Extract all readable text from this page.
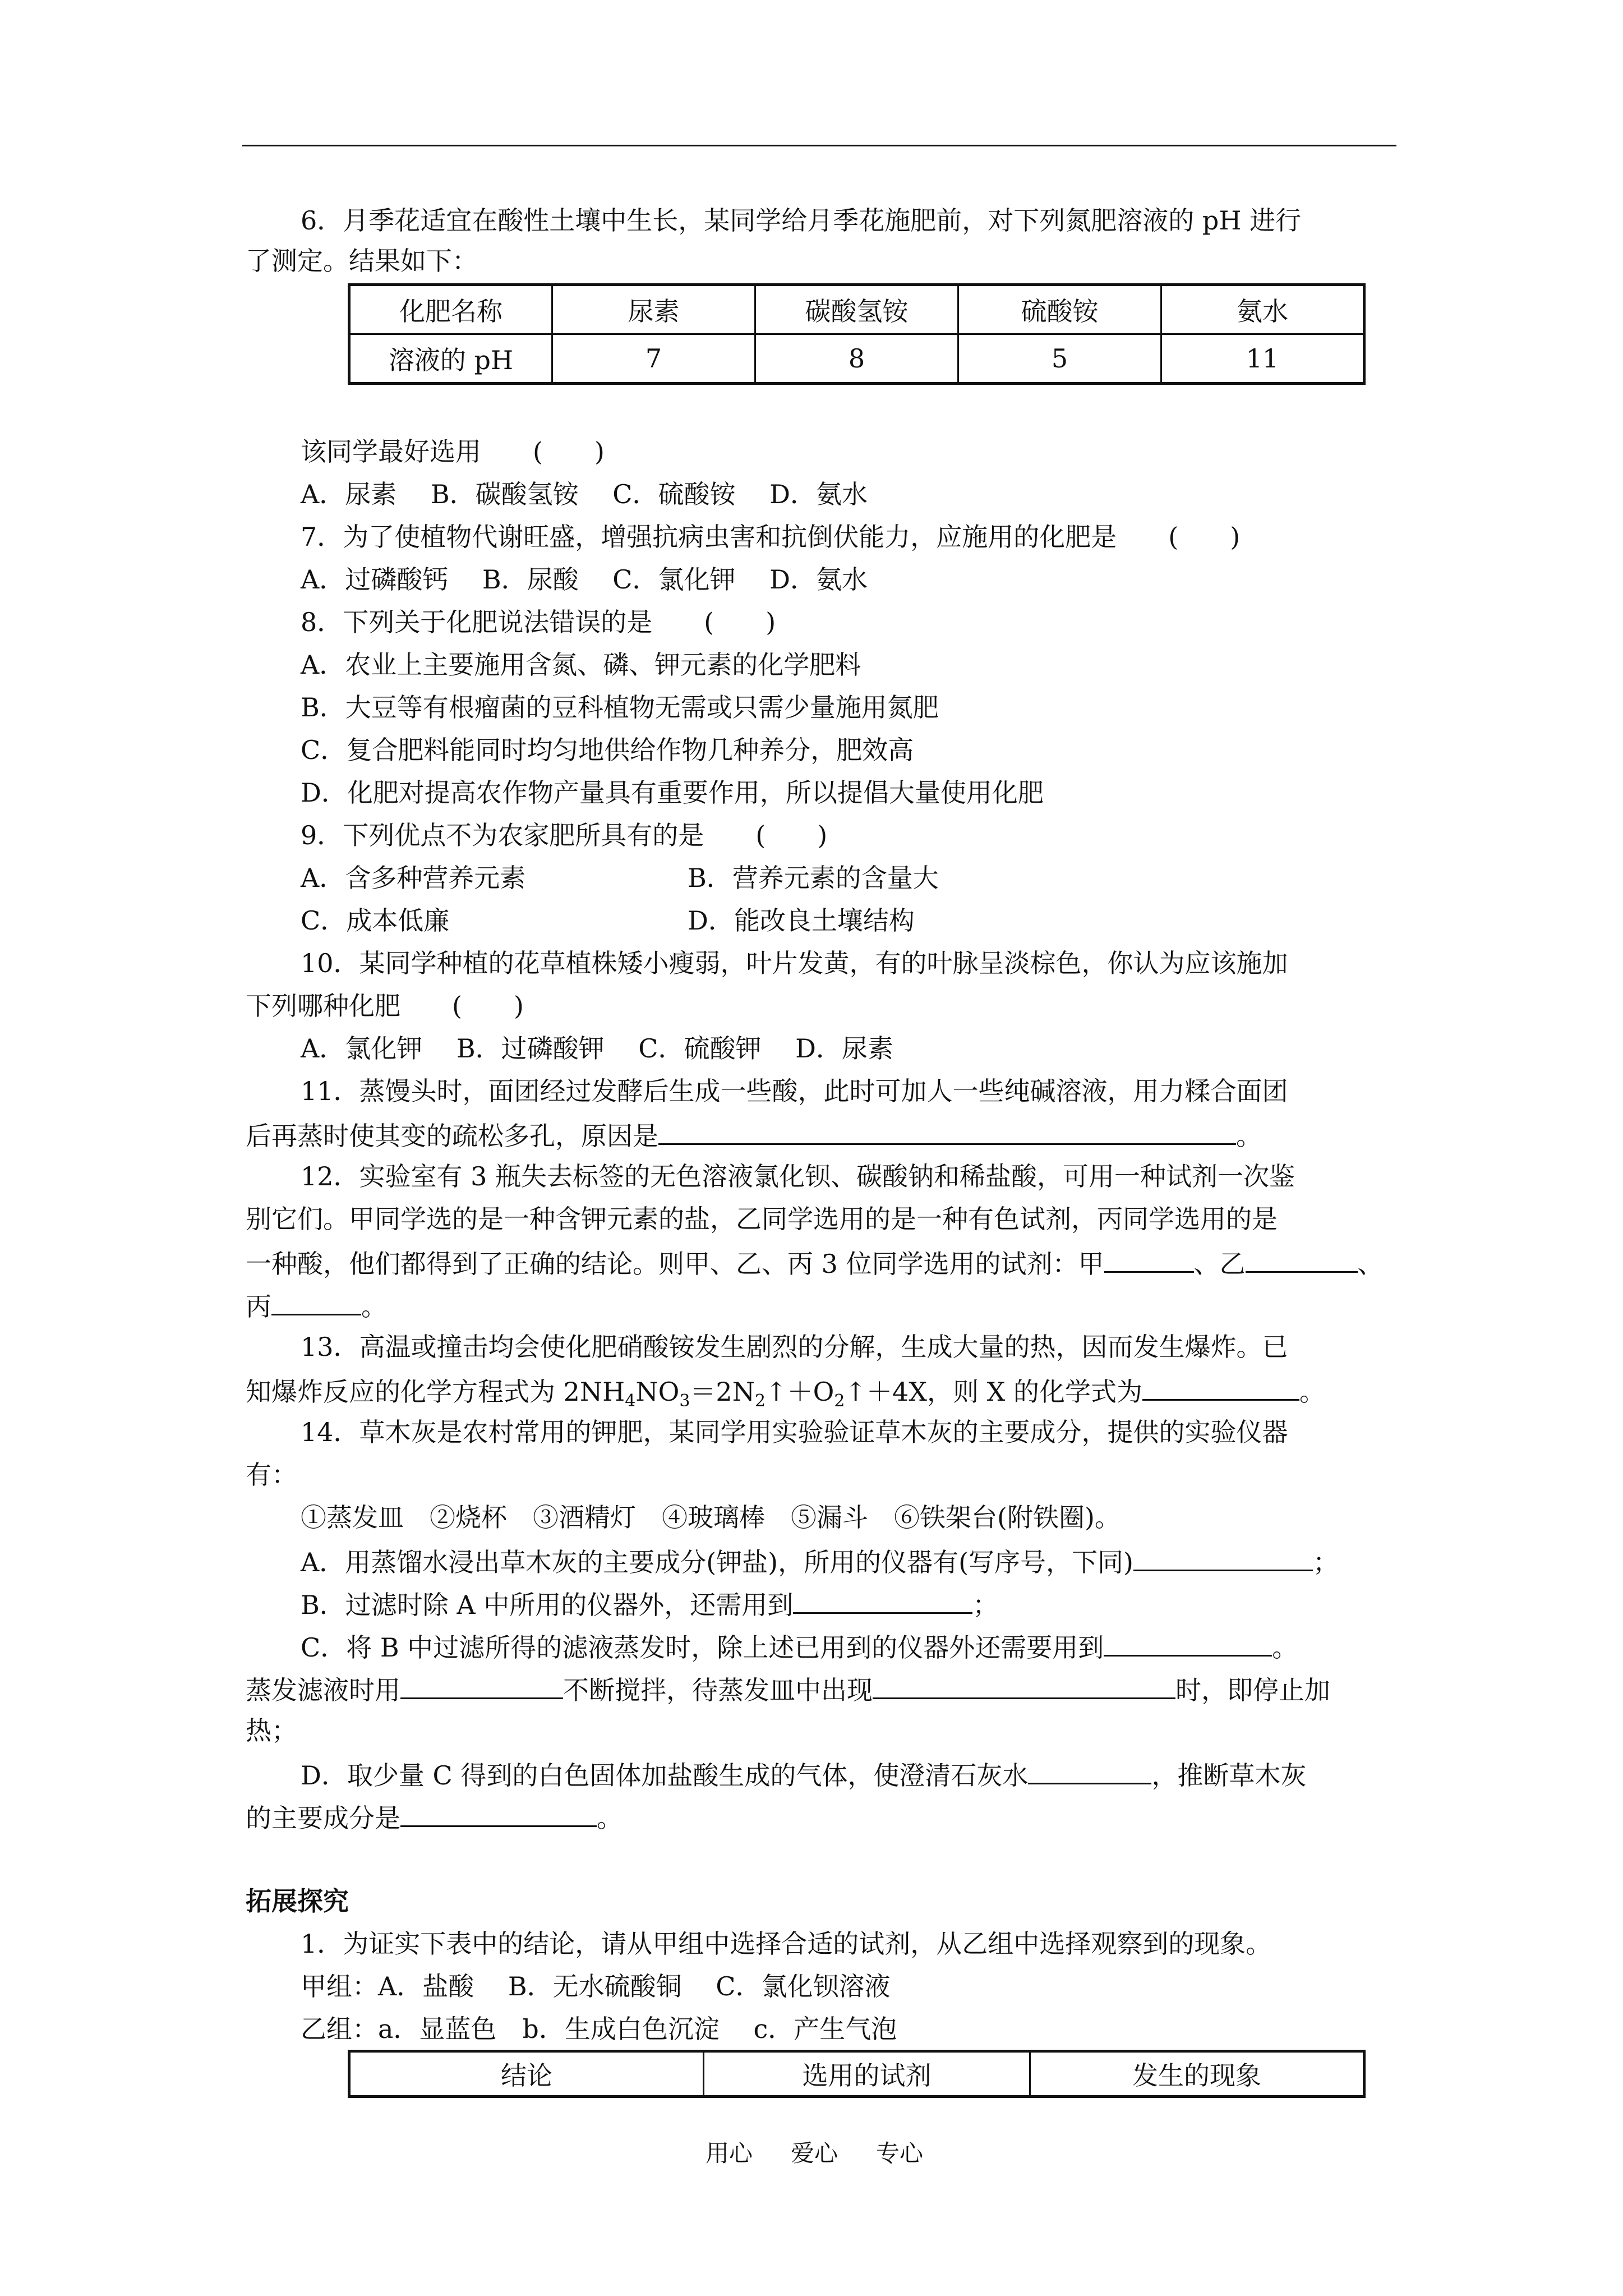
6．月季花适宜在酸性土壤中生长，某同学给月季花施肥前，对下列氮肥溶液的 pH 进行
了测定。结果如下：
化肥名称	尿素	碳酸氢铵	硫酸铵	氨水
溶液的 pH	7	8	5	11
该同学最好选用　　(　　)
A．尿素　 B．碳酸氢铵　 C．硫酸铵　 D．氨水
7．为了使植物代谢旺盛，增强抗病虫害和抗倒伏能力，应施用的化肥是　　(　　)
A．过磷酸钙　 B．尿酸　 C．氯化钾　 D．氨水
8．下列关于化肥说法错误的是　　(　　)
A．农业上主要施用含氮、磷、钾元素的化学肥料
B．大豆等有根瘤菌的豆科植物无需或只需少量施用氮肥
C．复合肥料能同时均匀地供给作物几种养分，肥效高
D．化肥对提高农作物产量具有重要作用，所以提倡大量使用化肥
9．下列优点不为农家肥所具有的是　　(　　)
A．含多种营养元素	B．营养元素的含量大
C．成本低廉	D．能改良土壤结构
10．某同学种植的花草植株矮小瘦弱，叶片发黄，有的叶脉呈淡棕色，你认为应该施加
下列哪种化肥　　(　　)
A．氯化钾　 B．过磷酸钾　 C．硫酸钾　 D．尿素
11．蒸馒头时，面团经过发酵后生成一些酸，此时可加人一些纯碱溶液，用力糅合面团
后再蒸时使其变的疏松多孔，原因是	。
12．实验室有 3 瓶失去标签的无色溶液氯化钡、碳酸钠和稀盐酸，可用一种试剂一次鉴
别它们。甲同学选的是一种含钾元素的盐，乙同学选用的是一种有色试剂，丙同学选用的是
一种酸，他们都得到了正确的结论。则甲、乙、丙 3 位同学选用的试剂：甲	、乙	、
丙	。
13．高温或撞击均会使化肥硝酸铵发生剧烈的分解，生成大量的热，因而发生爆炸。已
知爆炸反应的化学方程式为 $2NH_4NO_3=2N_2↑+O_2↑+4X$，则 X 的化学式为	。
14．草木灰是农村常用的钾肥，某同学用实验验证草木灰的主要成分，提供的实验仪器
有：
①蒸发皿　②烧杯　③酒精灯　④玻璃棒　⑤漏斗　⑥铁架台(附铁圈)。
A．用蒸馏水浸出草木灰的主要成分(钾盐)，所用的仪器有(写序号，下同)	；
B．过滤时除 A 中所用的仪器外，还需用到	；
C．将 B 中过滤所得的滤液蒸发时，除上述已用到的仪器外还需要用到	。
蒸发滤液时用	不断搅拌，待蒸发皿中出现	时，即停止加
热；
D．取少量 C 得到的白色固体加盐酸生成的气体，使澄清石灰水	，推断草木灰
的主要成分是	。
拓展探究
1．为证实下表中的结论，请从甲组中选择合适的试剂，从乙组中选择观察到的现象。
甲组：A．盐酸　 B．无水硫酸铜　 C．氯化钡溶液
乙组：a．显蓝色　b．生成白色沉淀　 c．产生气泡
结论	选用的试剂	发生的现象
用心 爱心 专心
